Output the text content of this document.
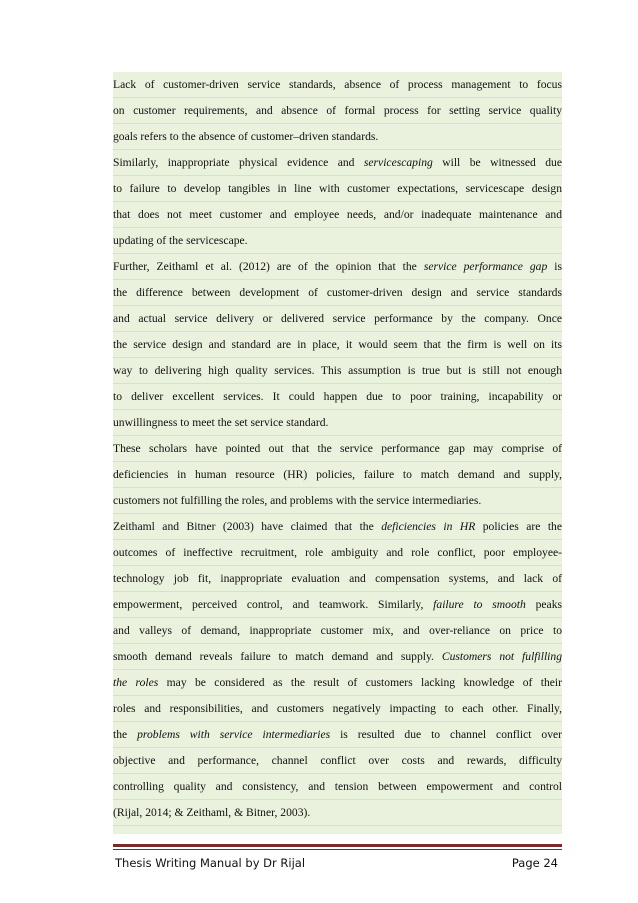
Lack of customer-driven service standards, absence of process management to focus
on customer requirements, and absence of formal process for setting service quality
goals refers to the absence of customer–driven standards.
Similarly, inappropriate physical evidence and servicescaping will be witnessed due
to failure to develop tangibles in line with customer expectations, servicescape design
that does not meet customer and employee needs, and/or inadequate maintenance and
updating of the servicescape.
Further, Zeithaml et al. (2012) are of the opinion that the service performance gap is
the difference between development of customer-driven design and service standards
and actual service delivery or delivered service performance by the company. Once
the service design and standard are in place, it would seem that the firm is well on its
way to delivering high quality services. This assumption is true but is still not enough
to deliver excellent services. It could happen due to poor training, incapability or
unwillingness to meet the set service standard.
These scholars have pointed out that the service performance gap may comprise of
deficiencies in human resource (HR) policies, failure to match demand and supply,
customers not fulfilling the roles, and problems with the service intermediaries.
Zeithaml and Bitner (2003) have claimed that the deficiencies in HR policies are the
outcomes of ineffective recruitment, role ambiguity and role conflict, poor employee-
technology job fit, inappropriate evaluation and compensation systems, and lack of
empowerment, perceived control, and teamwork. Similarly, failure to smooth peaks
and valleys of demand, inappropriate customer mix, and over-reliance on price to
smooth demand reveals failure to match demand and supply. Customers not fulfilling
the roles may be considered as the result of customers lacking knowledge of their
roles and responsibilities, and customers negatively impacting to each other. Finally,
the problems with service intermediaries is resulted due to channel conflict over
objective and performance, channel conflict over costs and rewards, difficulty
controlling quality and consistency, and tension between empowerment and control
(Rijal, 2014; & Zeithaml, & Bitner, 2003).
Thesis Writing Manual by Dr Rijal	Page 24
